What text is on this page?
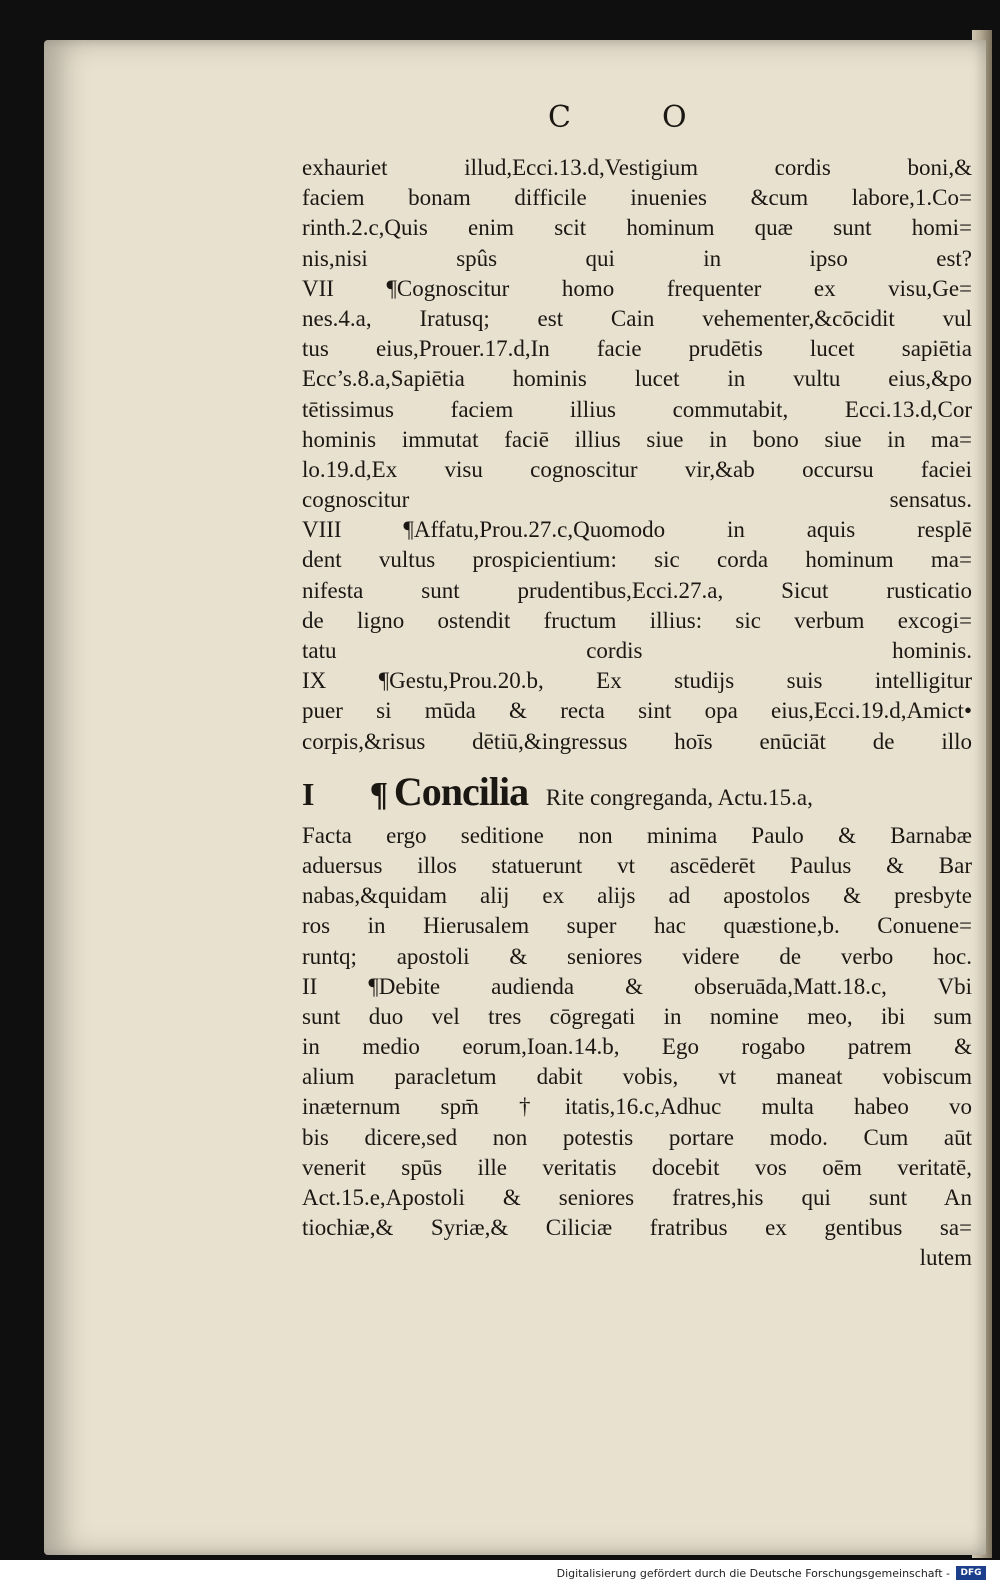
C	O
exhauriet illud,Ecci.13.d,Vestigium cordis boni,&
faciem bonam difficile inuenies &cum labore,1.Co=
rinth.2.c,Quis enim scit hominum quæ sunt homi=
nis,nisi spûs qui in ipso est?
VII ¶Cognoscitur homo frequenter ex visu,Ge=
nes.4.a, Iratusq; est Cain vehementer,&cōcidit vul
tus eius,Prouer.17.d,In facie prudētis lucet sapiētia
Ecc’s.8.a,Sapiētia hominis lucet in vultu eius,&po
tētissimus faciem illius commutabit, Ecci.13.d,Cor
hominis immutat faciē illius siue in bono siue in ma=
lo.19.d,Ex visu cognoscitur vir,&ab occursu faciei
cognoscitur sensatus.
VIII ¶Affatu,Prou.27.c,Quomodo in aquis resplē
dent vultus prospicientium: sic corda hominum ma=
nifesta sunt prudentibus,Ecci.27.a, Sicut rusticatio
de ligno ostendit fructum illius: sic verbum excogi=
tatu cordis hominis.
IX ¶Gestu,Prou.20.b, Ex studijs suis intelligitur
puer si mūda & recta sint opa eius,Ecci.19.d,Amict•
corpis,&risus dētiū,&ingressus hoīs enūciāt de illo
I ¶ Concilia Rite congreganda, Actu.15.a,
Facta ergo seditione non minima Paulo & Barnabæ
aduersus illos statuerunt vt ascēderēt Paulus & Bar
nabas,&quidam alij ex alijs ad apostolos & presbyte
ros in Hierusalem super hac quæstione,b. Conuene=
runtq; apostoli & seniores videre de verbo hoc.
II ¶Debite audienda & obseruāda,Matt.18.c, Vbi
sunt duo vel tres cōgregati in nomine meo, ibi sum
in medio eorum,Ioan.14.b, Ego rogabo patrem &
alium paracletum dabit vobis, vt maneat vobiscum
inæternum spm̄ †itatis,16.c,Adhuc multa habeo vo
bis dicere,sed non potestis portare modo. Cum aūt
venerit spūs ille veritatis docebit vos oēm veritatē,
Act.15.e,Apostoli & seniores fratres,his qui sunt An
tiochiæ,& Syriæ,& Ciliciæ fratribus ex gentibus sa=
lutem
Digitalisierung gefördert durch die Deutsche Forschungsgemeinschaft -	DFG
